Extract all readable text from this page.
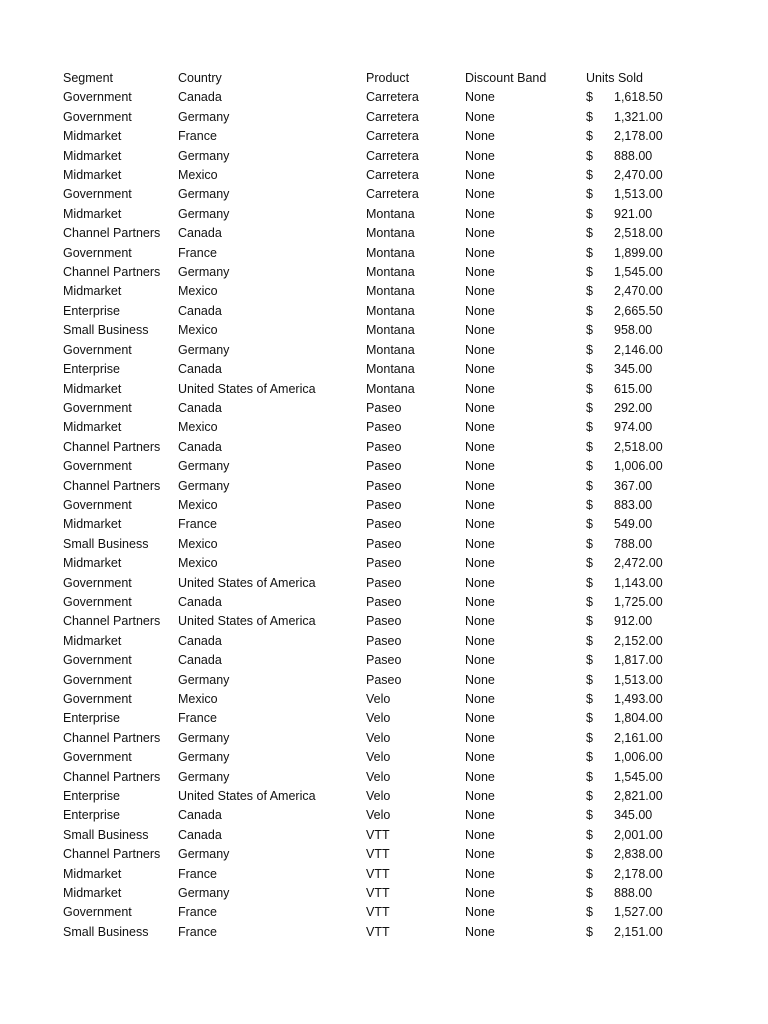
Segment	Country	Product	Discount Band	Units Sold	
Government	Canada	Carretera	None	$	1,618.50
Government	Germany	Carretera	None	$	1,321.00
Midmarket	France	Carretera	None	$	2,178.00
Midmarket	Germany	Carretera	None	$	888.00
Midmarket	Mexico	Carretera	None	$	2,470.00
Government	Germany	Carretera	None	$	1,513.00
Midmarket	Germany	Montana	None	$	921.00
Channel Partners	Canada	Montana	None	$	2,518.00
Government	France	Montana	None	$	1,899.00
Channel Partners	Germany	Montana	None	$	1,545.00
Midmarket	Mexico	Montana	None	$	2,470.00
Enterprise	Canada	Montana	None	$	2,665.50
Small Business	Mexico	Montana	None	$	958.00
Government	Germany	Montana	None	$	2,146.00
Enterprise	Canada	Montana	None	$	345.00
Midmarket	United States of America	Montana	None	$	615.00
Government	Canada	Paseo	None	$	292.00
Midmarket	Mexico	Paseo	None	$	974.00
Channel Partners	Canada	Paseo	None	$	2,518.00
Government	Germany	Paseo	None	$	1,006.00
Channel Partners	Germany	Paseo	None	$	367.00
Government	Mexico	Paseo	None	$	883.00
Midmarket	France	Paseo	None	$	549.00
Small Business	Mexico	Paseo	None	$	788.00
Midmarket	Mexico	Paseo	None	$	2,472.00
Government	United States of America	Paseo	None	$	1,143.00
Government	Canada	Paseo	None	$	1,725.00
Channel Partners	United States of America	Paseo	None	$	912.00
Midmarket	Canada	Paseo	None	$	2,152.00
Government	Canada	Paseo	None	$	1,817.00
Government	Germany	Paseo	None	$	1,513.00
Government	Mexico	Velo	None	$	1,493.00
Enterprise	France	Velo	None	$	1,804.00
Channel Partners	Germany	Velo	None	$	2,161.00
Government	Germany	Velo	None	$	1,006.00
Channel Partners	Germany	Velo	None	$	1,545.00
Enterprise	United States of America	Velo	None	$	2,821.00
Enterprise	Canada	Velo	None	$	345.00
Small Business	Canada	VTT	None	$	2,001.00
Channel Partners	Germany	VTT	None	$	2,838.00
Midmarket	France	VTT	None	$	2,178.00
Midmarket	Germany	VTT	None	$	888.00
Government	France	VTT	None	$	1,527.00
Small Business	France	VTT	None	$	2,151.00
